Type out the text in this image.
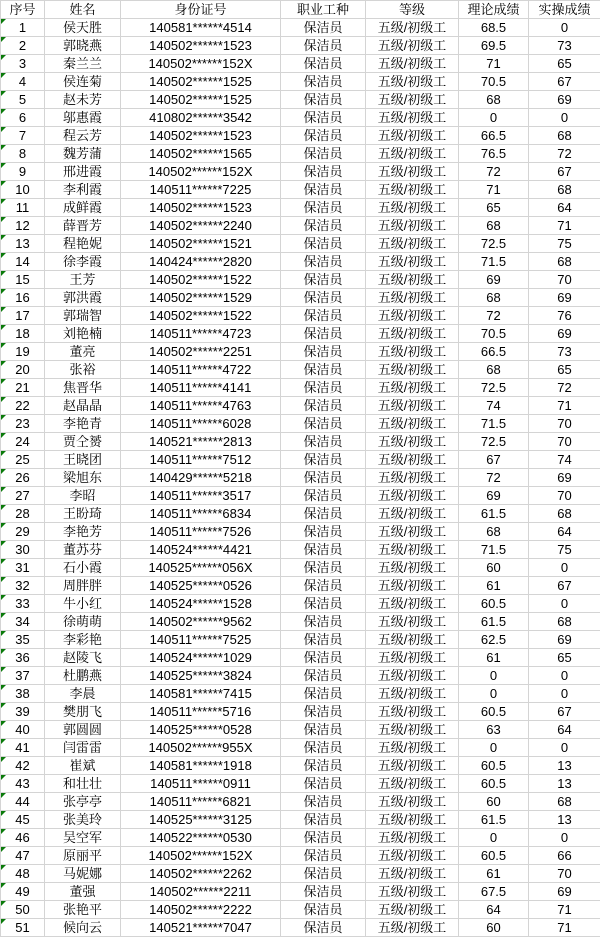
序号	姓名	身份证号	职业工种	等级	理论成绩	实操成绩

1	侯天胜	140581******4514	保洁员	五级/初级工	68.5	0

2	郭晓燕	140502******1523	保洁员	五级/初级工	69.5	73

3	秦兰兰	140502******152X	保洁员	五级/初级工	71	65

4	侯连菊	140502******1525	保洁员	五级/初级工	70.5	67

5	赵未芳	140502******1525	保洁员	五级/初级工	68	69

6	邬惠霞	410802******3542	保洁员	五级/初级工	0	0

7	程云芳	140502******1523	保洁员	五级/初级工	66.5	68

8	魏芳蒲	140502******1565	保洁员	五级/初级工	76.5	72

9	邢进霞	140502******152X	保洁员	五级/初级工	72	67

10	李利霞	140511******7225	保洁员	五级/初级工	71	68

11	成鲜霞	140502******1523	保洁员	五级/初级工	65	64

12	薛晋芳	140502******2240	保洁员	五级/初级工	68	71

13	程艳妮	140502******1521	保洁员	五级/初级工	72.5	75

14	徐李霞	140424******2820	保洁员	五级/初级工	71.5	68

15	王芳	140502******1522	保洁员	五级/初级工	69	70

16	郭洪霞	140502******1529	保洁员	五级/初级工	68	69

17	郭瑞智	140502******1522	保洁员	五级/初级工	72	76

18	刘艳楠	140511******4723	保洁员	五级/初级工	70.5	69

19	董亮	140502******2251	保洁员	五级/初级工	66.5	73

20	张裕	140511******4722	保洁员	五级/初级工	68	65

21	焦晋华	140511******4141	保洁员	五级/初级工	72.5	72

22	赵晶晶	140511******4763	保洁员	五级/初级工	74	71

23	李艳青	140511******6028	保洁员	五级/初级工	71.5	70

24	贾仝赟	140521******2813	保洁员	五级/初级工	72.5	70

25	王晓团	140511******7512	保洁员	五级/初级工	67	74

26	梁旭东	140429******5218	保洁员	五级/初级工	72	69

27	李昭	140511******3517	保洁员	五级/初级工	69	70

28	王盼琦	140511******6834	保洁员	五级/初级工	61.5	68

29	李艳芳	140511******7526	保洁员	五级/初级工	68	64

30	董苏芬	140524******4421	保洁员	五级/初级工	71.5	75

31	石小霞	140525******056X	保洁员	五级/初级工	60	0

32	周胖胖	140525******0526	保洁员	五级/初级工	61	67

33	牛小红	140524******1528	保洁员	五级/初级工	60.5	0

34	徐萌萌	140502******9562	保洁员	五级/初级工	61.5	68

35	李彩艳	140511******7525	保洁员	五级/初级工	62.5	69

36	赵陵飞	140524******1029	保洁员	五级/初级工	61	65

37	杜鹏燕	140525******3824	保洁员	五级/初级工	0	0

38	李晨	140581******7415	保洁员	五级/初级工	0	0

39	樊朋飞	140511******5716	保洁员	五级/初级工	60.5	67

40	郭圆圆	140525******0528	保洁员	五级/初级工	63	64

41	闫雷雷	140502******955X	保洁员	五级/初级工	0	0

42	崔斌	140581******1918	保洁员	五级/初级工	60.5	13

43	和壮壮	140511******0911	保洁员	五级/初级工	60.5	13

44	张亭亭	140511******6821	保洁员	五级/初级工	60	68

45	张美玲	140525******3125	保洁员	五级/初级工	61.5	13

46	吴空军	140522******0530	保洁员	五级/初级工	0	0

47	原丽平	140502******152X	保洁员	五级/初级工	60.5	66

48	马妮娜	140502******2262	保洁员	五级/初级工	61	70

49	董强	140502******2211	保洁员	五级/初级工	67.5	69

50	张艳平	140502******2222	保洁员	五级/初级工	64	71

51	候向云	140521******7047	保洁员	五级/初级工	60	71
